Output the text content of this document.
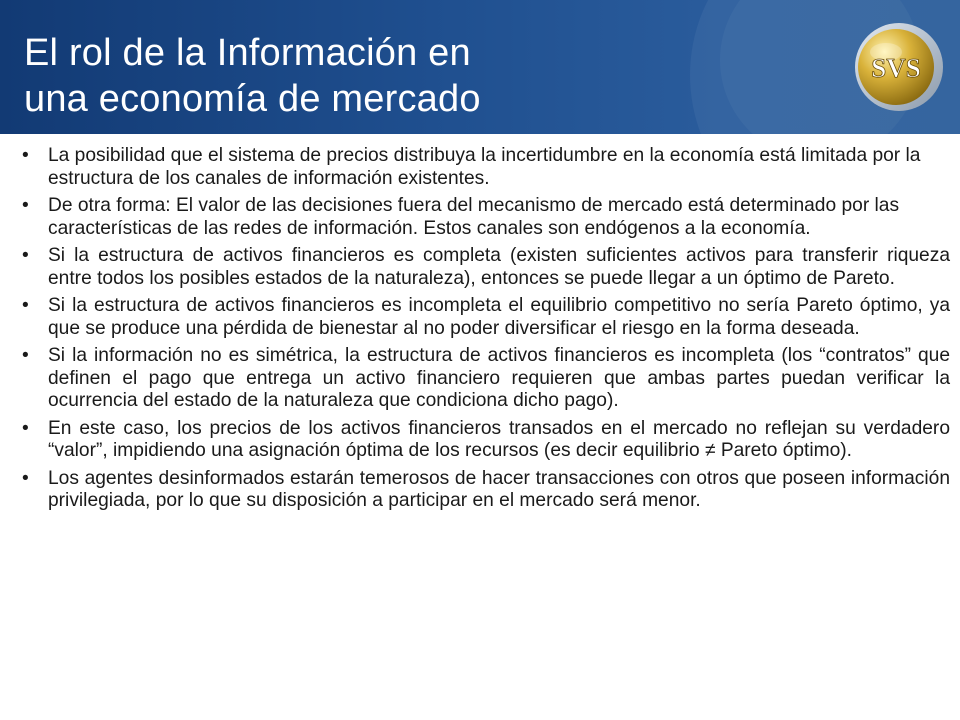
El rol de la Información en
una economía de mercado
SVS
• La posibilidad que el sistema de precios distribuya la incertidumbre en la economía está limitada por la estructura de los canales de información existentes.
• De otra forma: El valor de las decisiones fuera del mecanismo de mercado está determinado por las características de las redes de información. Estos canales son endógenos a la economía.
• Si la estructura de activos financieros es completa (existen suficientes activos para transferir riqueza entre todos los posibles estados de la naturaleza), entonces se puede llegar a un óptimo de Pareto.
• Si la estructura de activos financieros es incompleta el equilibrio competitivo no sería Pareto óptimo, ya que se produce una pérdida de bienestar al no poder diversificar el riesgo en la forma deseada.
• Si la información no es simétrica, la estructura de activos financieros es incompleta (los “contratos” que definen el pago que entrega un activo financiero requieren que ambas partes puedan verificar la ocurrencia del estado de la naturaleza que condiciona dicho pago).
• En este caso, los precios de los activos financieros transados en el mercado no reflejan su verdadero “valor”, impidiendo una asignación óptima de los recursos (es decir equilibrio ≠ Pareto óptimo).
• Los agentes desinformados estarán temerosos de hacer transacciones con otros que poseen información privilegiada, por lo que su disposición a participar en el mercado será menor.
